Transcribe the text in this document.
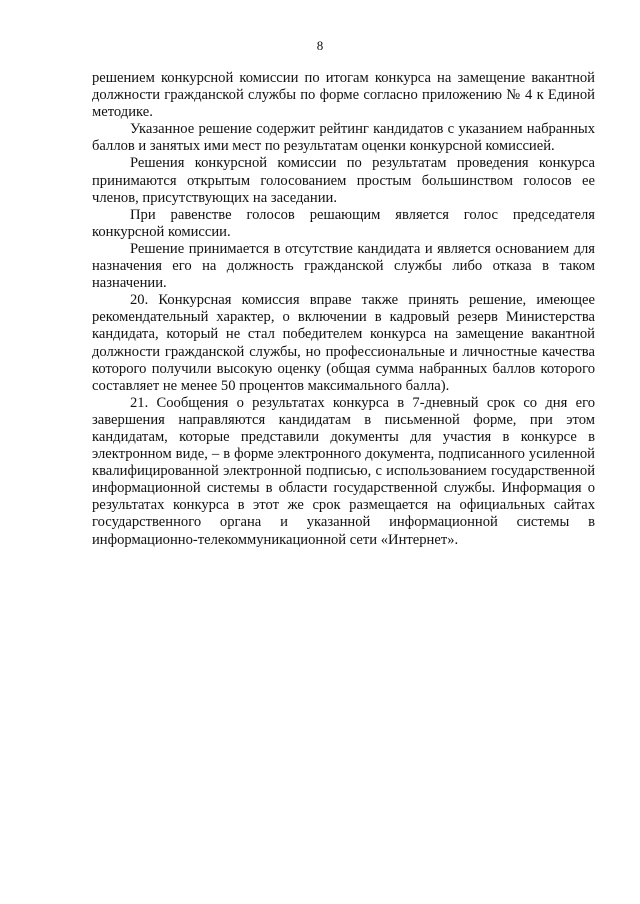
8

решением конкурсной комиссии по итогам конкурса на замещение вакантной должности гражданской службы по форме согласно приложению № 4 к Единой методике.

Указанное решение содержит рейтинг кандидатов с указанием набранных баллов и занятых ими мест по результатам оценки конкурсной комиссией.

Решения конкурсной комиссии по результатам проведения конкурса принимаются открытым голосованием простым большинством голосов ее членов, присутствующих на заседании.

При равенстве голосов решающим является голос председателя конкурсной комиссии.

Решение принимается в отсутствие кандидата и является основанием для назначения его на должность гражданской службы либо отказа в таком назначении.

20. Конкурсная комиссия вправе также принять решение, имеющее рекомендательный характер, о включении в кадровый резерв Министерства кандидата, который не стал победителем конкурса на замещение вакантной должности гражданской службы, но профессиональные и личностные качества которого получили высокую оценку (общая сумма набранных баллов которого составляет не менее 50 процентов максимального балла).

21. Сообщения о результатах конкурса в 7-дневный срок со дня его завершения направляются кандидатам в письменной форме, при этом кандидатам, которые представили документы для участия в конкурсе в электронном виде, – в форме электронного документа, подписанного усиленной квалифицированной электронной подписью, с использованием государственной информационной системы в области государственной службы. Информация о результатах конкурса в этот же срок размещается на официальных сайтах государственного органа и указанной информационной системы в информационно-телекоммуникационной сети «Интернет».
